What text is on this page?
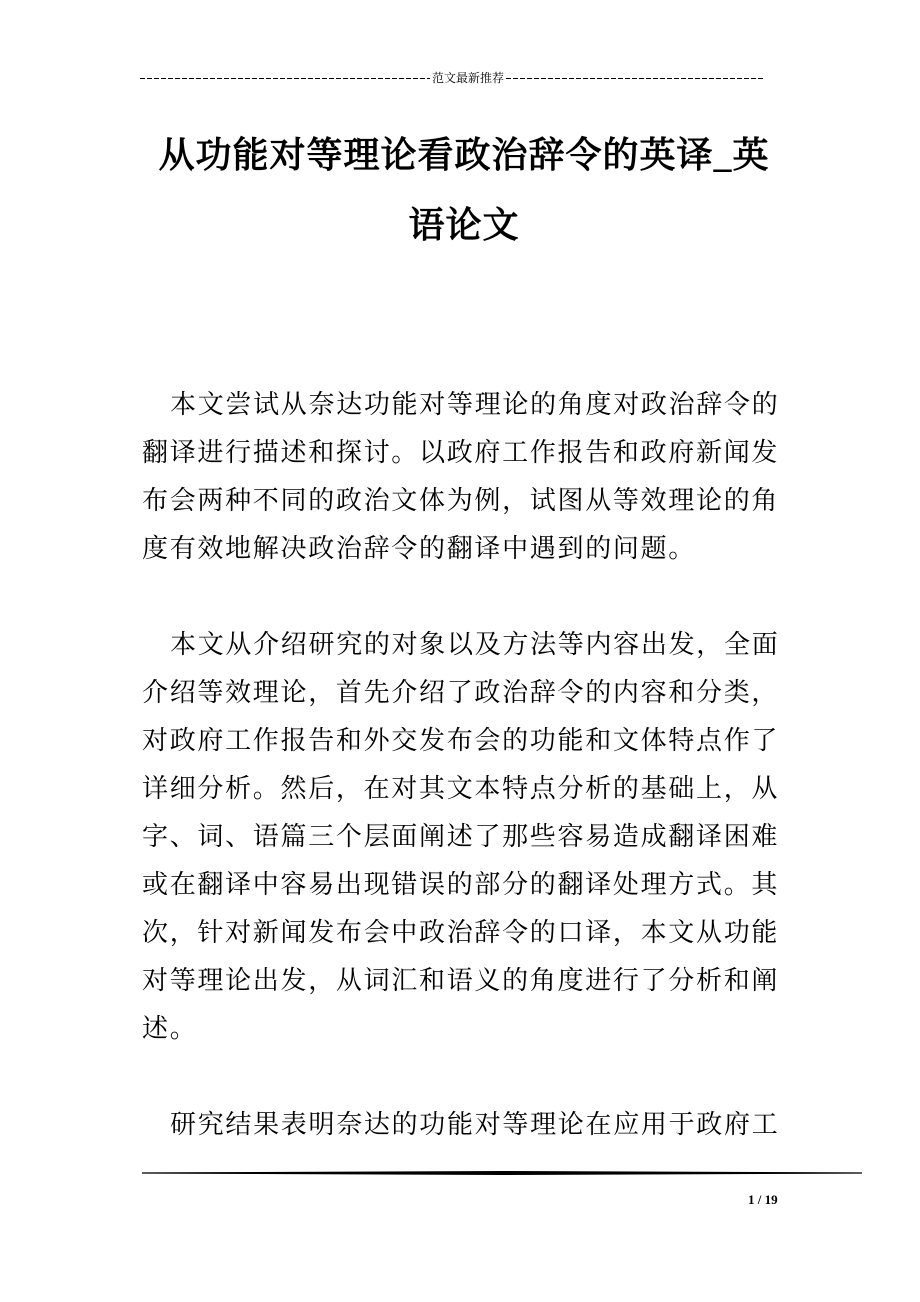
范文最新推荐
从功能对等理论看政治辞令的英译_英
语论文
本文尝试从奈达功能对等理论的角度对政治辞令的
翻译进行描述和探讨。以政府工作报告和政府新闻发
布会两种不同的政治文体为例，试图从等效理论的角
度有效地解决政治辞令的翻译中遇到的问题。
本文从介绍研究的对象以及方法等内容出发，全面
介绍等效理论，首先介绍了政治辞令的内容和分类，
对政府工作报告和外交发布会的功能和文体特点作了
详细分析。然后，在对其文本特点分析的基础上，从
字、词、语篇三个层面阐述了那些容易造成翻译困难
或在翻译中容易出现错误的部分的翻译处理方式。其
次，针对新闻发布会中政治辞令的口译，本文从功能
对等理论出发，从词汇和语义的角度进行了分析和阐
述。
研究结果表明奈达的功能对等理论在应用于政府工
1 / 19
